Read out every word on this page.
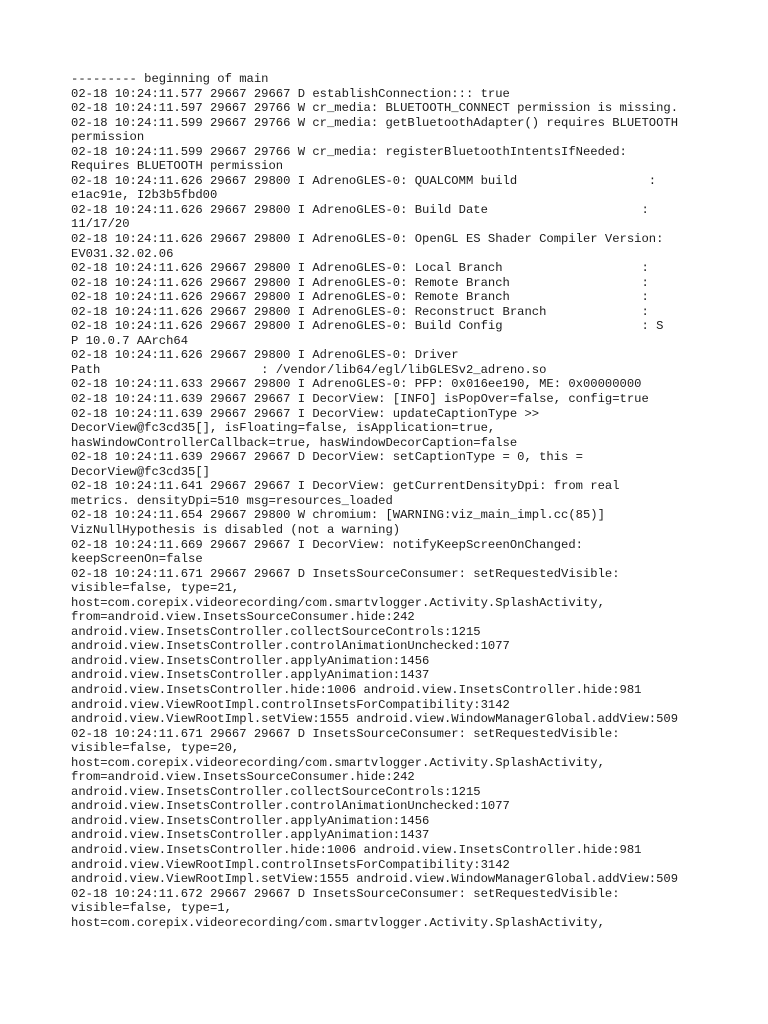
--------- beginning of main
02-18 10:24:11.577 29667 29667 D establishConnection::: true
02-18 10:24:11.597 29667 29766 W cr_media: BLUETOOTH_CONNECT permission is missing.
02-18 10:24:11.599 29667 29766 W cr_media: getBluetoothAdapter() requires BLUETOOTH
permission
02-18 10:24:11.599 29667 29766 W cr_media: registerBluetoothIntentsIfNeeded:
Requires BLUETOOTH permission
02-18 10:24:11.626 29667 29800 I AdrenoGLES-0: QUALCOMM build                  :
e1ac91e, I2b3b5fbd00
02-18 10:24:11.626 29667 29800 I AdrenoGLES-0: Build Date                     :
11/17/20
02-18 10:24:11.626 29667 29800 I AdrenoGLES-0: OpenGL ES Shader Compiler Version:
EV031.32.02.06
02-18 10:24:11.626 29667 29800 I AdrenoGLES-0: Local Branch                   :
02-18 10:24:11.626 29667 29800 I AdrenoGLES-0: Remote Branch                  :
02-18 10:24:11.626 29667 29800 I AdrenoGLES-0: Remote Branch                  :
02-18 10:24:11.626 29667 29800 I AdrenoGLES-0: Reconstruct Branch             :
02-18 10:24:11.626 29667 29800 I AdrenoGLES-0: Build Config                   : S
P 10.0.7 AArch64
02-18 10:24:11.626 29667 29800 I AdrenoGLES-0: Driver
Path                      : /vendor/lib64/egl/libGLESv2_adreno.so
02-18 10:24:11.633 29667 29800 I AdrenoGLES-0: PFP: 0x016ee190, ME: 0x00000000
02-18 10:24:11.639 29667 29667 I DecorView: [INFO] isPopOver=false, config=true
02-18 10:24:11.639 29667 29667 I DecorView: updateCaptionType >>
DecorView@fc3cd35[], isFloating=false, isApplication=true,
hasWindowControllerCallback=true, hasWindowDecorCaption=false
02-18 10:24:11.639 29667 29667 D DecorView: setCaptionType = 0, this =
DecorView@fc3cd35[]
02-18 10:24:11.641 29667 29667 I DecorView: getCurrentDensityDpi: from real
metrics. densityDpi=510 msg=resources_loaded
02-18 10:24:11.654 29667 29800 W chromium: [WARNING:viz_main_impl.cc(85)]
VizNullHypothesis is disabled (not a warning)
02-18 10:24:11.669 29667 29667 I DecorView: notifyKeepScreenOnChanged:
keepScreenOn=false
02-18 10:24:11.671 29667 29667 D InsetsSourceConsumer: setRequestedVisible:
visible=false, type=21,
host=com.corepix.videorecording/com.smartvlogger.Activity.SplashActivity,
from=android.view.InsetsSourceConsumer.hide:242
android.view.InsetsController.collectSourceControls:1215
android.view.InsetsController.controlAnimationUnchecked:1077
android.view.InsetsController.applyAnimation:1456
android.view.InsetsController.applyAnimation:1437
android.view.InsetsController.hide:1006 android.view.InsetsController.hide:981
android.view.ViewRootImpl.controlInsetsForCompatibility:3142
android.view.ViewRootImpl.setView:1555 android.view.WindowManagerGlobal.addView:509
02-18 10:24:11.671 29667 29667 D InsetsSourceConsumer: setRequestedVisible:
visible=false, type=20,
host=com.corepix.videorecording/com.smartvlogger.Activity.SplashActivity,
from=android.view.InsetsSourceConsumer.hide:242
android.view.InsetsController.collectSourceControls:1215
android.view.InsetsController.controlAnimationUnchecked:1077
android.view.InsetsController.applyAnimation:1456
android.view.InsetsController.applyAnimation:1437
android.view.InsetsController.hide:1006 android.view.InsetsController.hide:981
android.view.ViewRootImpl.controlInsetsForCompatibility:3142
android.view.ViewRootImpl.setView:1555 android.view.WindowManagerGlobal.addView:509
02-18 10:24:11.672 29667 29667 D InsetsSourceConsumer: setRequestedVisible:
visible=false, type=1,
host=com.corepix.videorecording/com.smartvlogger.Activity.SplashActivity,
